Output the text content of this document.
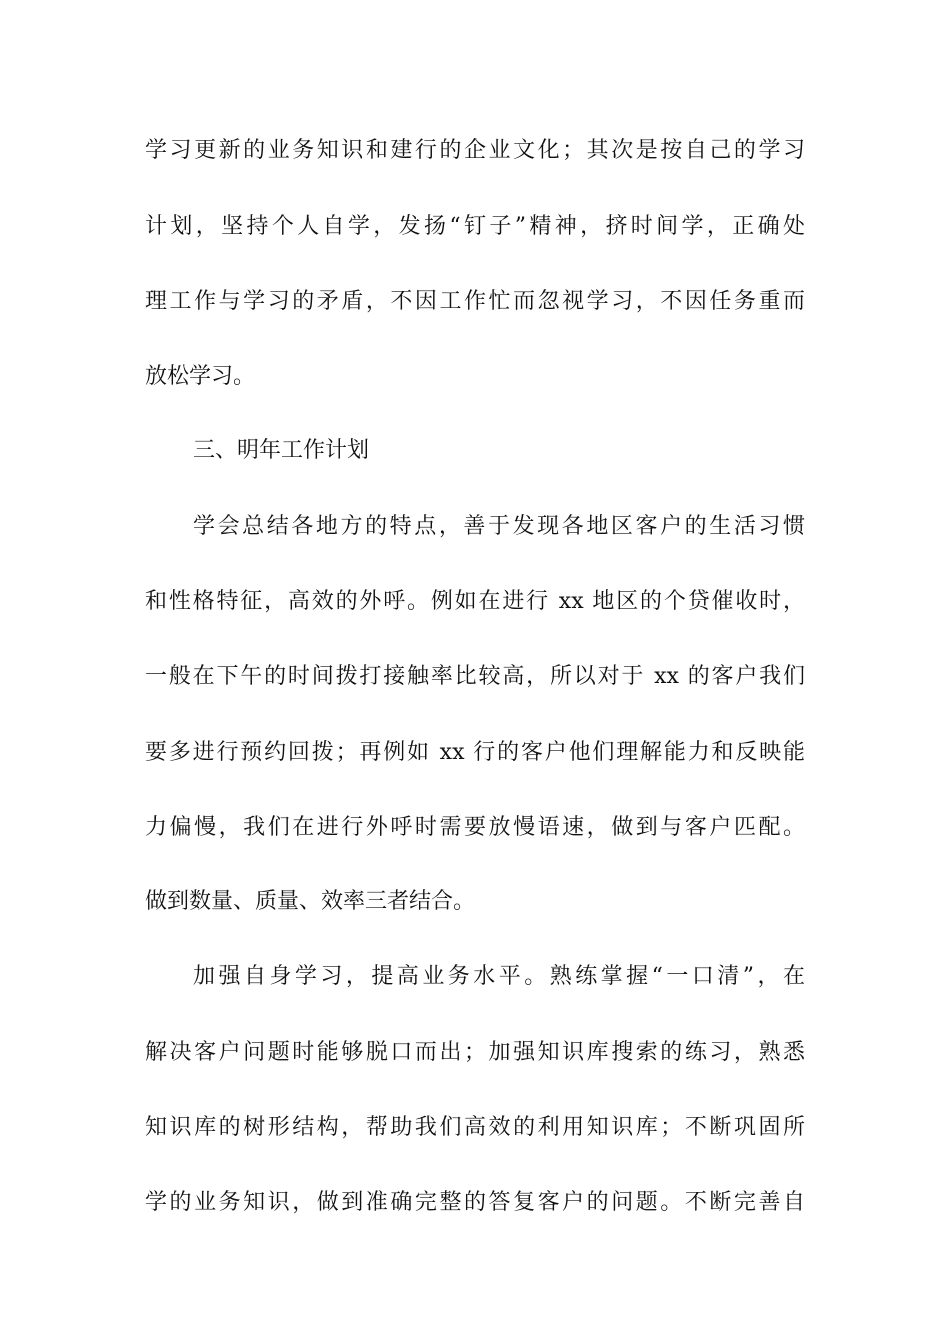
学习更新的业务知识和建行的企业文化；其次是按自己的学习
计划，坚持个人自学，发扬“钉子”精神，挤时间学，正确处
理工作与学习的矛盾，不因工作忙而忽视学习，不因任务重而
放松学习。
三、明年工作计划
学会总结各地方的特点，善于发现各地区客户的生活习惯
和性格特征，高效的外呼。例如在进行 xx 地区的个贷催收时，
一般在下午的时间拨打接触率比较高，所以对于 xx 的客户我们
要多进行预约回拨；再例如 xx 行的客户他们理解能力和反映能
力偏慢，我们在进行外呼时需要放慢语速，做到与客户匹配。
做到数量、质量、效率三者结合。
加强自身学习，提高业务水平。熟练掌握“一口清”，在
解决客户问题时能够脱口而出；加强知识库搜索的练习，熟悉
知识库的树形结构，帮助我们高效的利用知识库；不断巩固所
学的业务知识，做到准确完整的答复客户的问题。不断完善自
